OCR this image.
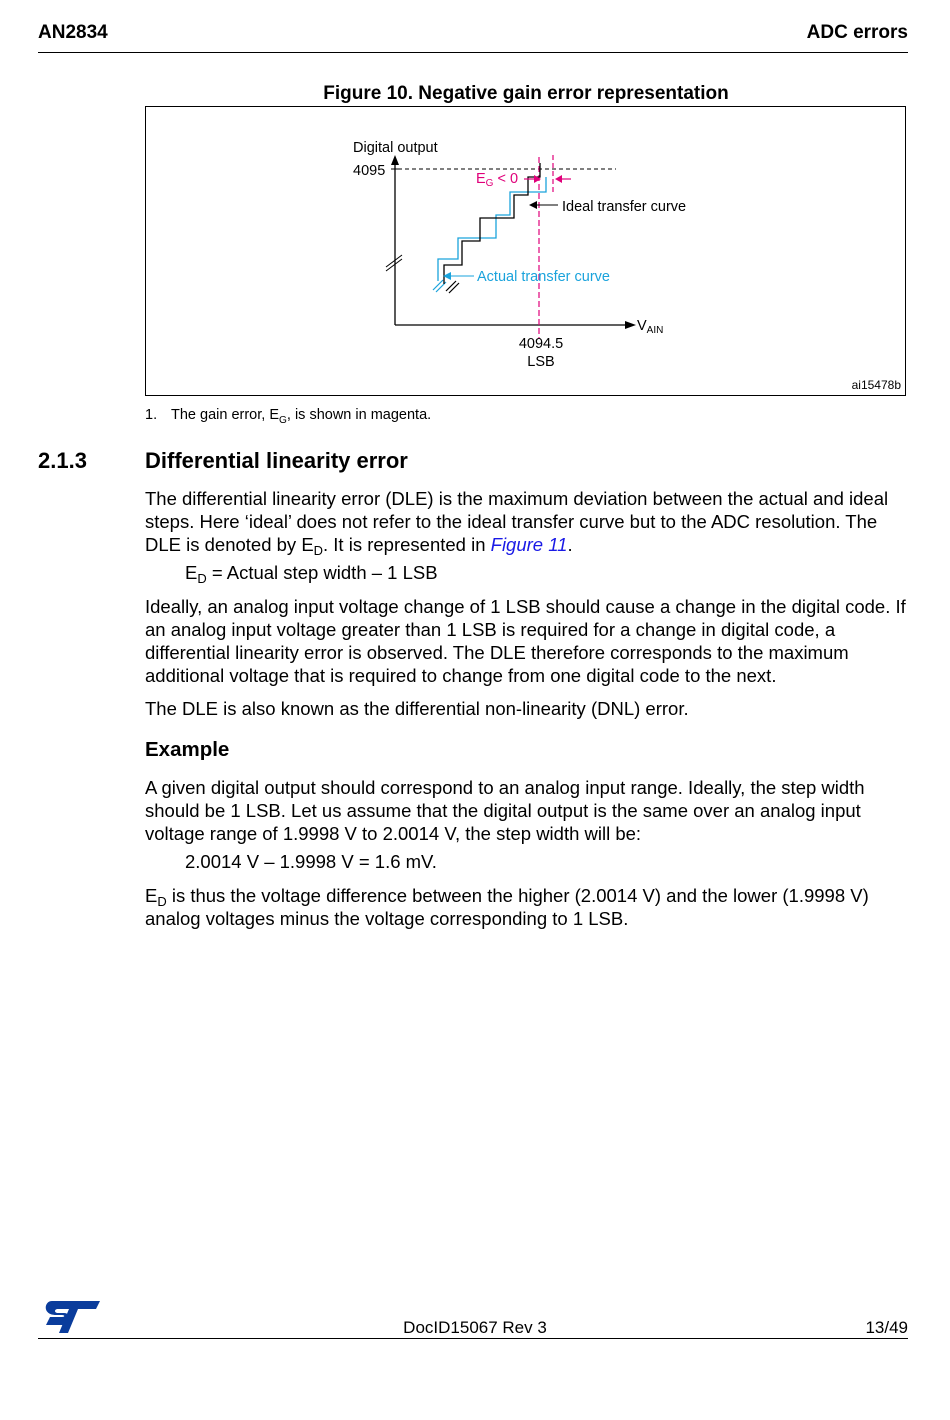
AN2834	ADC errors
Figure 10. Negative gain error representation
Digital output
4095	$E_G < 0$
Ideal transfer curve
Actual transfer curve
$V_{AIN}$
4094.5
LSB
ai15478b
1. The gain error, $E_G$, is shown in magenta.
2.1.3	Differential linearity error

The differential linearity error (DLE) is the maximum deviation between the actual and ideal steps. Here ‘ideal’ does not refer to the ideal transfer curve but to the ADC resolution. The DLE is denoted by $E_D$. It is represented in Figure 11.

$E_D$ = Actual step width – 1 LSB

Ideally, an analog input voltage change of 1 LSB should cause a change in the digital code. If an analog input voltage greater than 1 LSB is required for a change in digital code, a differential linearity error is observed. The DLE therefore corresponds to the maximum additional voltage that is required to change from one digital code to the next.

The DLE is also known as the differential non-linearity (DNL) error.

Example

A given digital output should correspond to an analog input range. Ideally, the step width should be 1 LSB. Let us assume that the digital output is the same over an analog input voltage range of 1.9998 V to 2.0014 V, the step width will be:

2.0014 V – 1.9998 V = 1.6 mV.

$E_D$ is thus the voltage difference between the higher (2.0014 V) and the lower (1.9998 V) analog voltages minus the voltage corresponding to 1 LSB.

DocID15067 Rev 3	13/49
